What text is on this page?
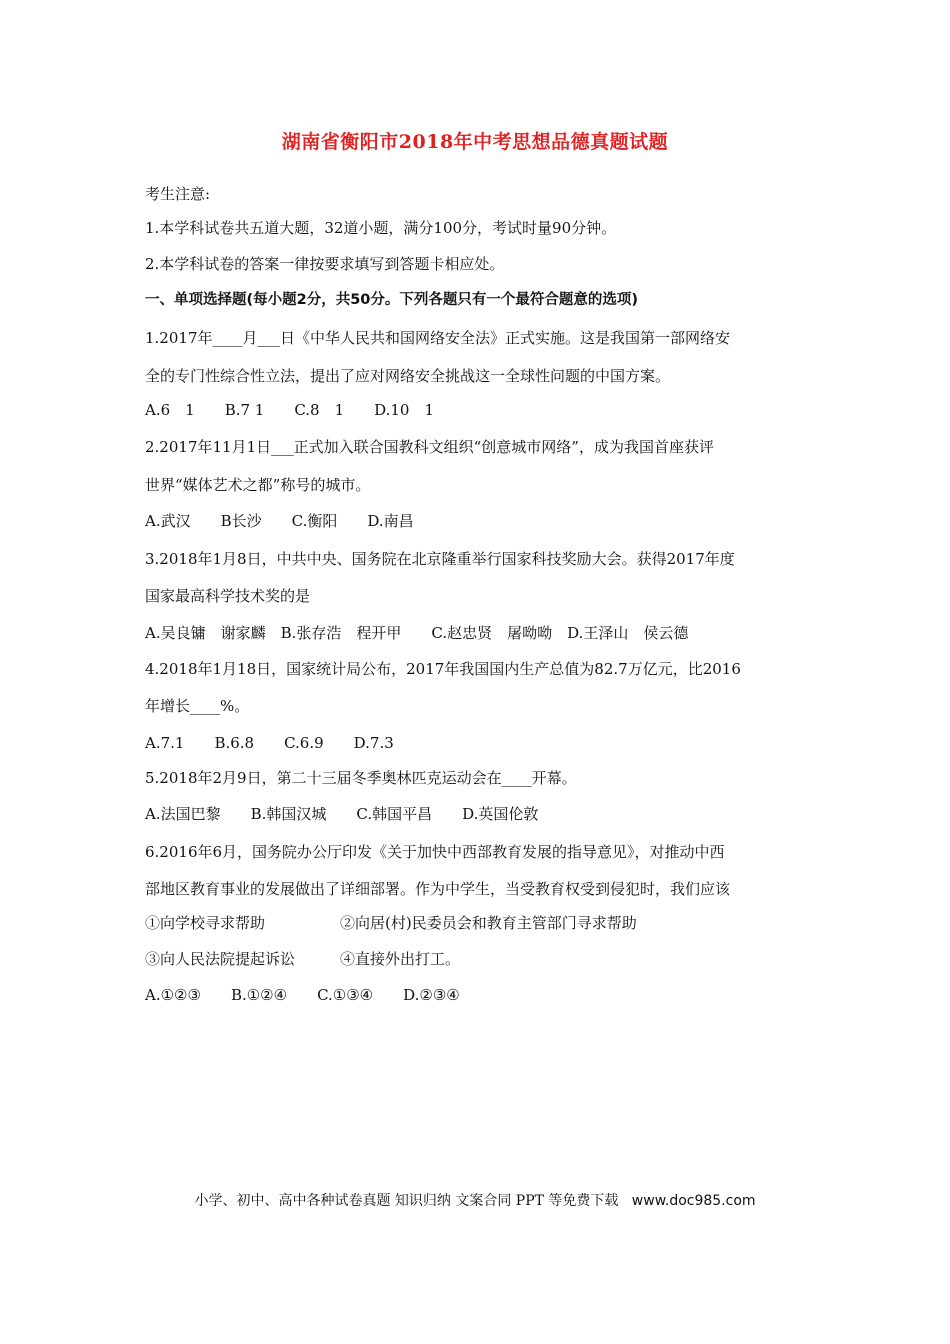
湖南省衡阳市2018年中考思想品德真题试题
考生注意:
1.本学科试卷共五道大题，32道小题，满分100分，考试时量90分钟。
2.本学科试卷的答案一律按要求填写到答题卡相应处。
一、单项选择题(每小题2分，共50分。下列各题只有一个最符合题意的选项)
1.2017年____月___日《中华人民共和国网络安全法》正式实施。这是我国第一部网络安
全的专门性综合性立法，提出了应对网络安全挑战这一全球性问题的中国方案。
A.6　1　　B.7 1　　C.8　1　　D.10　1
2.2017年11月1日___正式加入联合国教科文组织“创意城市网络”，成为我国首座获评
世界“媒体艺术之都”称号的城市。
A.武汉　　B长沙　　C.衡阳　　D.南昌
3.2018年1月8日，中共中央、国务院在北京隆重举行国家科技奖励大会。获得2017年度
国家最高科学技术奖的是
A.吴良镛　谢家麟　B.张存浩　程开甲　　C.赵忠贤　屠呦呦　D.王泽山　侯云德
4.2018年1月18日，国家统计局公布，2017年我国国内生产总值为82.7万亿元，比2016
年增长____%。
A.7.1　　B.6.8　　C.6.9　　D.7.3
5.2018年2月9日，第二十三届冬季奥林匹克运动会在____开幕。
A.法国巴黎　　B.韩国汉城　　C.韩国平昌　　D.英国伦敦
6.2016年6月，国务院办公厅印发《关于加快中西部教育发展的指导意见》，对推动中西
部地区教育事业的发展做出了详细部署。作为中学生，当受教育权受到侵犯时，我们应该
①向学校寻求帮助　　　　　②向居(村)民委员会和教育主管部门寻求帮助
③向人民法院提起诉讼　　　④直接外出打工。
A.①②③　　B.①②④　　C.①③④　　D.②③④
小学、初中、高中各种试卷真题 知识归纳 文案合同 PPT 等免费下载 www.doc985.com
